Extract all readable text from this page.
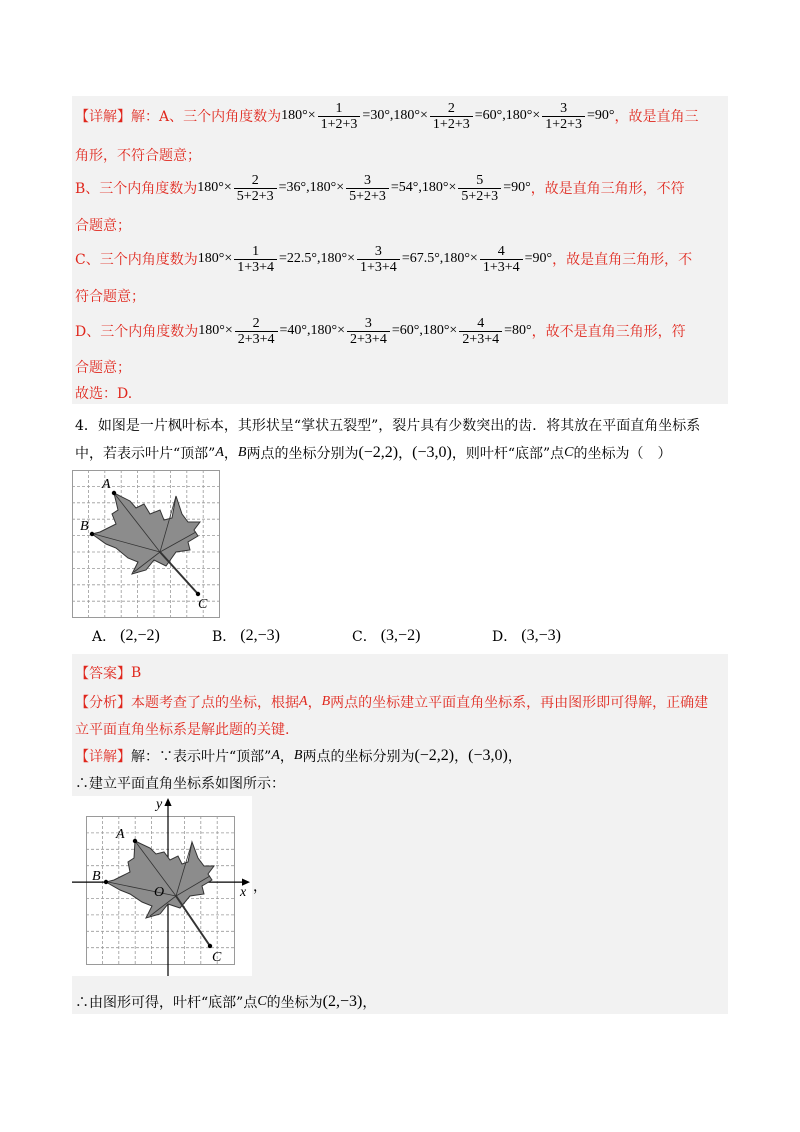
【详解】 解：A、三个内角度数为 $180^\circ\times \frac{1}{1+2+3} =30^\circ$, $180^\circ\times \frac{2}{1+2+3} =60^\circ$, $180^\circ\times \frac{3}{1+2+3} =90^\circ$ ，故是直角三
角形，不符合题意；
B、三个内角度数为 $180^\circ\times \frac{2}{5+2+3} =36^\circ$, $180^\circ\times \frac{3}{5+2+3} =54^\circ$, $180^\circ\times \frac{5}{5+2+3} =90^\circ$ ，故是直角三角形，不符
合题意；
C、三个内角度数为 $180^\circ\times \frac{1}{1+3+4} =22.5^\circ$, $180^\circ\times \frac{3}{1+3+4} =67.5^\circ$, $180^\circ\times \frac{4}{1+3+4} =90^\circ$ ，故是直角三角形，不
符合题意；
D、三个内角度数为 $180^\circ\times \frac{2}{2+3+4} =40^\circ$, $180^\circ\times \frac{3}{2+3+4} =60^\circ$, $180^\circ\times \frac{4}{2+3+4} =80^\circ$ ，故不是直角三角形，符
合题意；
故选：D.
4．如图是一片枫叶标本，其形状呈“掌状五裂型”，裂片具有少数突出的齿．将其放在平面直角坐标系
中，若表示叶片“顶部” A ， B 两点的坐标分别为 (−2,2) ， (−3,0) ，则叶杆“底部”点 C 的坐标为（　）
A
B
C
A． (2,−2)	B． (2,−3)	C． (3,−2)	D． (3,−3)
【答案】 B
【分析】 本题考查了点的坐标，根据 A ， B 两点的坐标建立平面直角坐标系，再由图形即可得解，正确建
立平面直角坐标系是解此题的关键.
【详解】 解：∵表示叶片“顶部” A ， B 两点的坐标分别为 (−2,2) ， (−3,0) ，
∴建立平面直角坐标系如图所示：
A
B
C
O	x
y
，
∴由图形可得，叶杆“底部”点 C 的坐标为 (2,−3) ，
